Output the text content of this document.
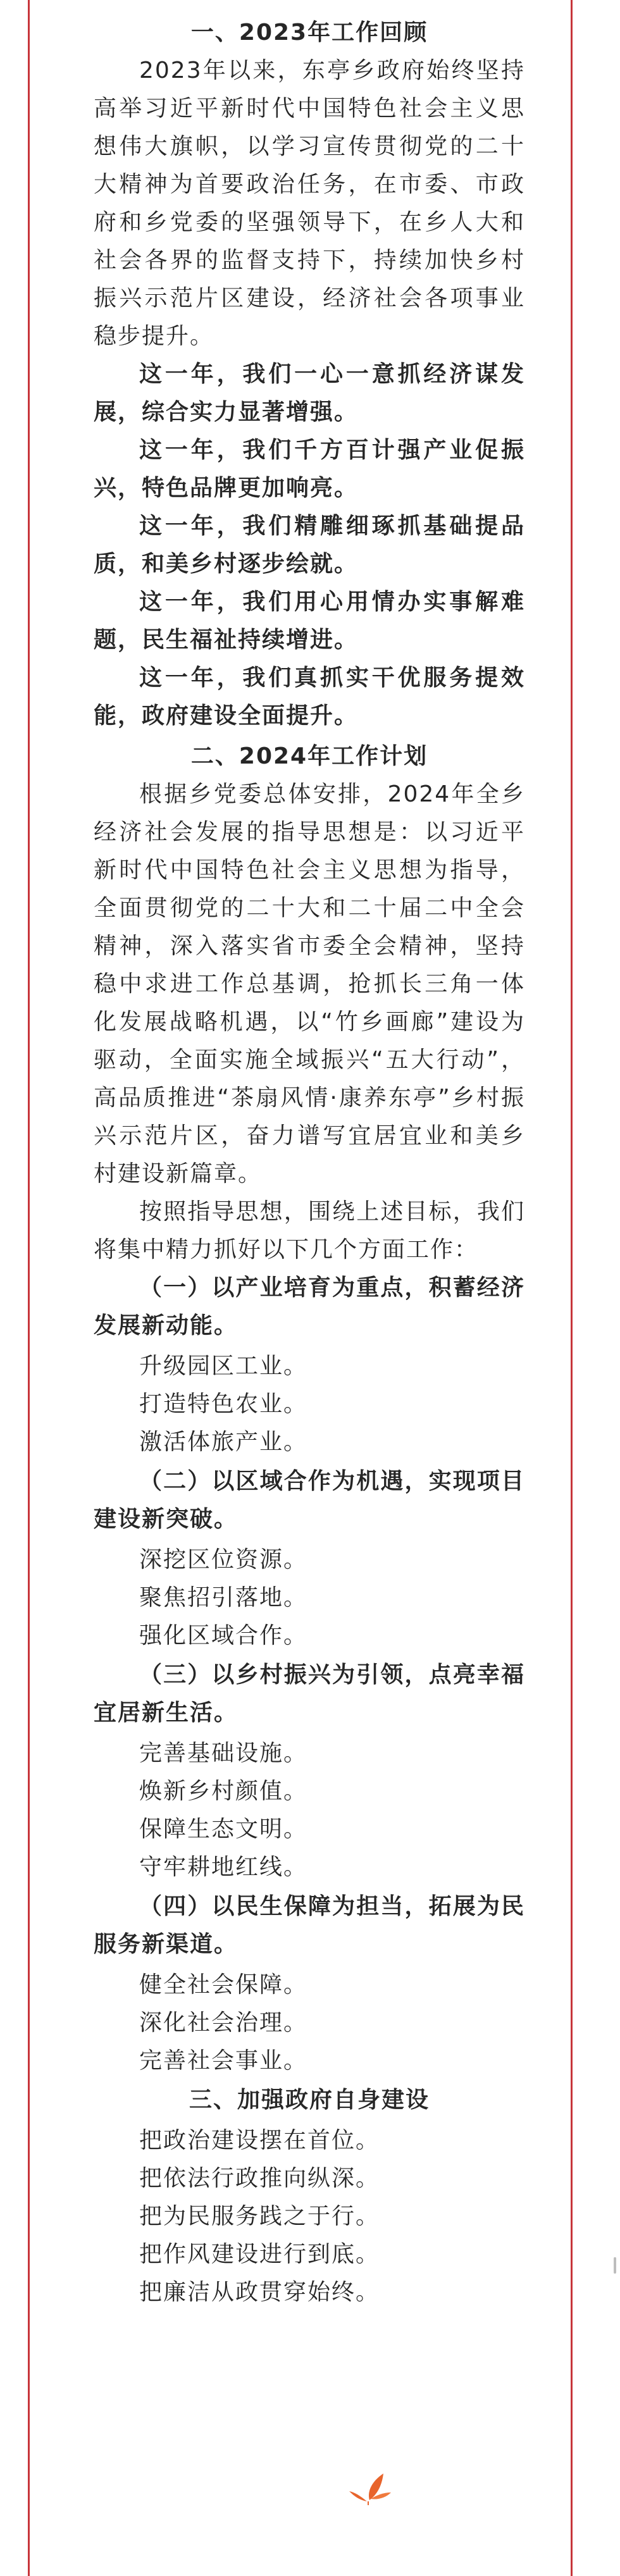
一、2023年工作回顾

2023年以来，东亭乡政府始终坚持高举习近平新时代中国特色社会主义思想伟大旗帜，以学习宣传贯彻党的二十大精神为首要政治任务，在市委、市政府和乡党委的坚强领导下，在乡人大和社会各界的监督支持下，持续加快乡村振兴示范片区建设，经济社会各项事业稳步提升。

这一年，我们一心一意抓经济谋发展，综合实力显著增强。

这一年，我们千方百计强产业促振兴，特色品牌更加响亮。

这一年，我们精雕细琢抓基础提品质，和美乡村逐步绘就。

这一年，我们用心用情办实事解难题，民生福祉持续增进。

这一年，我们真抓实干优服务提效能，政府建设全面提升。

二、2024年工作计划

根据乡党委总体安排，2024年全乡经济社会发展的指导思想是：以习近平新时代中国特色社会主义思想为指导，全面贯彻党的二十大和二十届二中全会精神，深入落实省市委全会精神，坚持稳中求进工作总基调，抢抓长三角一体化发展战略机遇，以“竹乡画廊”建设为驱动，全面实施全域振兴“五大行动”，高品质推进“茶扇风情·康养东亭”乡村振兴示范片区，奋力谱写宜居宜业和美乡村建设新篇章。

按照指导思想，围绕上述目标，我们将集中精力抓好以下几个方面工作：

（一）以产业培育为重点，积蓄经济发展新动能。

升级园区工业。

打造特色农业。

激活体旅产业。

（二）以区域合作为机遇，实现项目建设新突破。

深挖区位资源。

聚焦招引落地。

强化区域合作。

（三）以乡村振兴为引领，点亮幸福宜居新生活。

完善基础设施。

焕新乡村颜值。

保障生态文明。

守牢耕地红线。

（四）以民生保障为担当，拓展为民服务新渠道。

健全社会保障。

深化社会治理。

完善社会事业。

三、加强政府自身建设

把政治建设摆在首位。

把依法行政推向纵深。

把为民服务践之于行。

把作风建设进行到底。

把廉洁从政贯穿始终。
